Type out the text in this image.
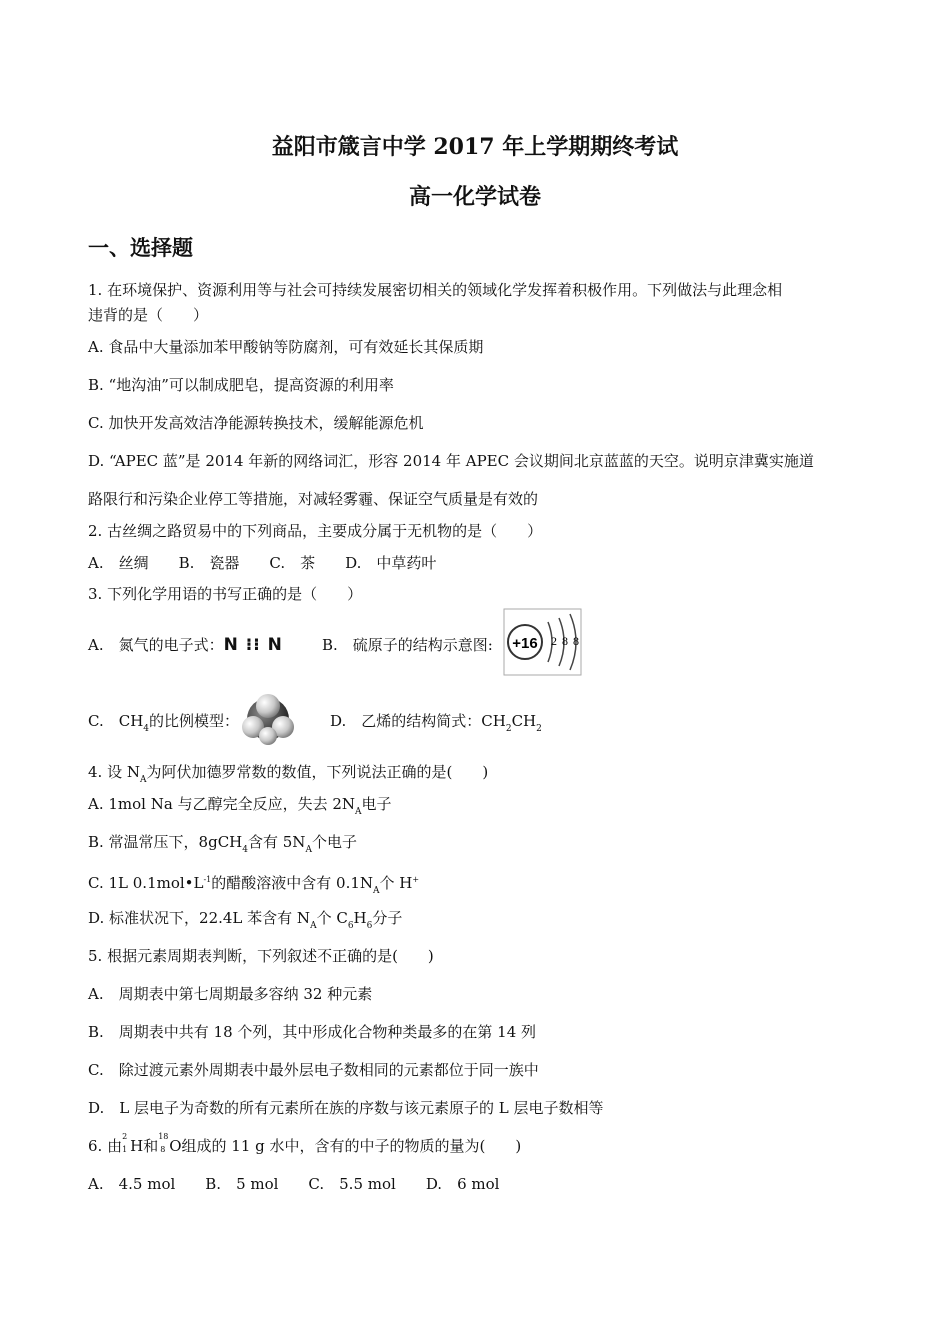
益阳市箴言中学 2017 年上学期期终考试
高一化学试卷
一、选择题
1. 在环境保护、资源利用等与社会可持续发展密切相关的领域化学发挥着积极作用。下列做法与此理念相
违背的是（　　）
A. 食品中大量添加苯甲酸钠等防腐剂，可有效延长其保质期
B. “地沟油”可以制成肥皂，提高资源的利用率
C. 加快开发高效洁净能源转换技术，缓解能源危机
D. “APEC 蓝”是 2014 年新的网络词汇，形容 2014 年 APEC 会议期间北京蓝蓝的天空。说明京津冀实施道
路限行和污染企业停工等措施，对减轻雾霾、保证空气质量是有效的
2. 古丝绸之路贸易中的下列商品，主要成分属于无机物的是（　　）
A.　丝绸　　B.　瓷器　　C.　茶　　D.　中草药叶
3. 下列化学用语的书写正确的是（　　）
A.　氮气的电子式：N ⁝⁝ N	B.　硫原子的结构示意图: +16 2 8 8
C.　$CH_4$的比例模型：	D.　乙烯的结构简式：$CH_2CH_2$
4. 设 $N_A$为阿伏加德罗常数的数值，下列说法正确的是(　　)
A. 1mol Na 与乙醇完全反应，失去 $2N_A$电子
B. 常温常压下，8gCH$_4$含有 $5N_A$个电子
C. 1L $0.1mol•L^{-1}$的醋酸溶液中含有 $0.1N_A$个 H+
D. 标准状况下，22.4L 苯含有 $N_A$个 $C_6H_6$分子
5. 根据元素周期表判断，下列叙述不正确的是(　　)
A.　周期表中第七周期最多容纳 32 种元素
B.　周期表中共有 18 个列，其中形成化合物种类最多的在第 14 列
C.　除过渡元素外周期表中最外层电子数相同的元素都位于同一族中
D.　L 层电子为奇数的所有元素所在族的序数与该元素原子的 L 层电子数相等
6. 由
2
1 H和
18
8 O组成的 11 g 水中，含有的中子的物质的量为(　　)
A.　4.5 mol　　B.　5 mol　　C.　5.5 mol　　D.　6 mol
